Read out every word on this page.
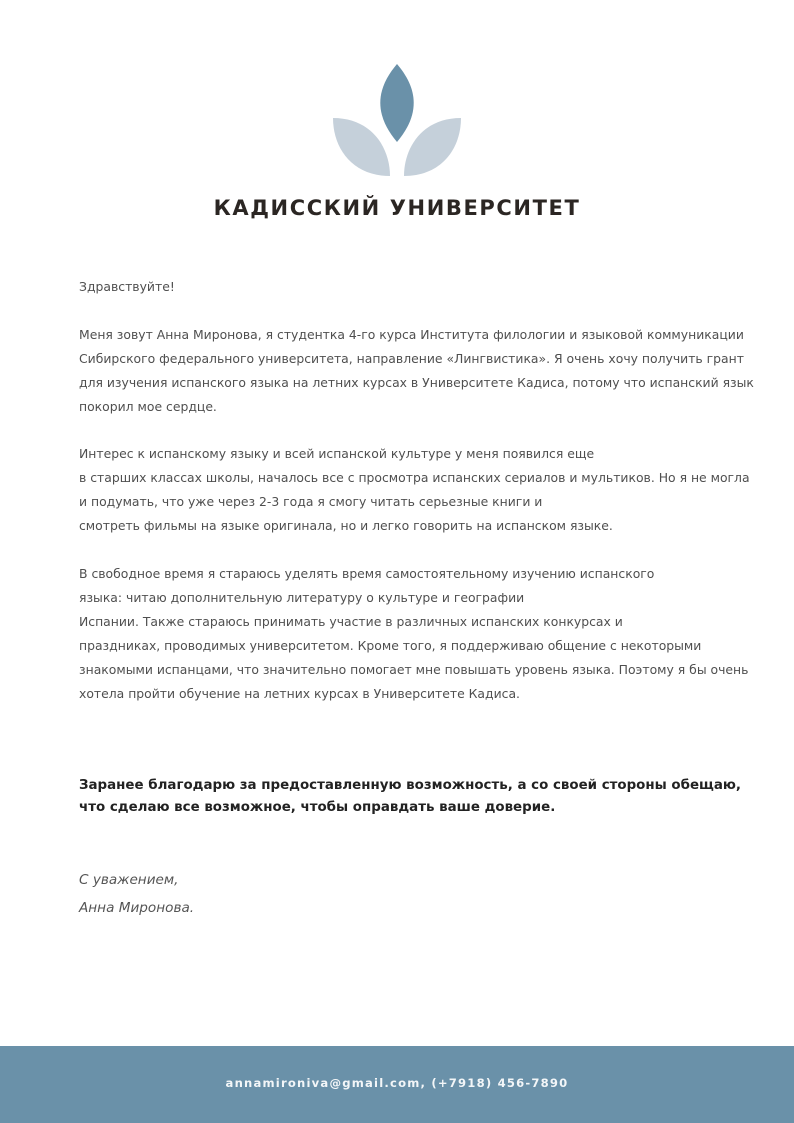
КАДИССКИЙ УНИВЕРСИТЕТ
Здравствуйте!
Меня зовут Анна Миронова, я студентка 4-го курса Института филологии и языковой коммуникации
Сибирского федерального университета, направление «Лингвистика». Я очень хочу получить грант
для изучения испанского языка на летних курсах в Университете Кадиса, потому что испанский язык
покорил мое сердце.
Интерес к испанскому языку и всей испанской культуре у меня появился еще
в старших классах школы, началось все с просмотра испанских сериалов и мультиков. Но я не могла
и подумать, что уже через 2-3 года я смогу читать серьезные книги и
смотреть фильмы на языке оригинала, но и легко говорить на испанском языке.
В свободное время я стараюсь уделять время самостоятельному изучению испанского
языка: читаю дополнительную литературу о культуре и географии
Испании. Также стараюсь принимать участие в различных испанских конкурсах и
праздниках, проводимых университетом. Кроме того, я поддерживаю общение с некоторыми
знакомыми испанцами, что значительно помогает мне повышать уровень языка. Поэтому я бы очень
хотела пройти обучение на летних курсах в Университете Кадиса.
Заранее благодарю за предоставленную возможность, а со своей стороны обещаю,
что сделаю все возможное, чтобы оправдать ваше доверие.
С уважением,
Анна Миронова.
annamironiva@gmail.com, (+7918) 456-7890
